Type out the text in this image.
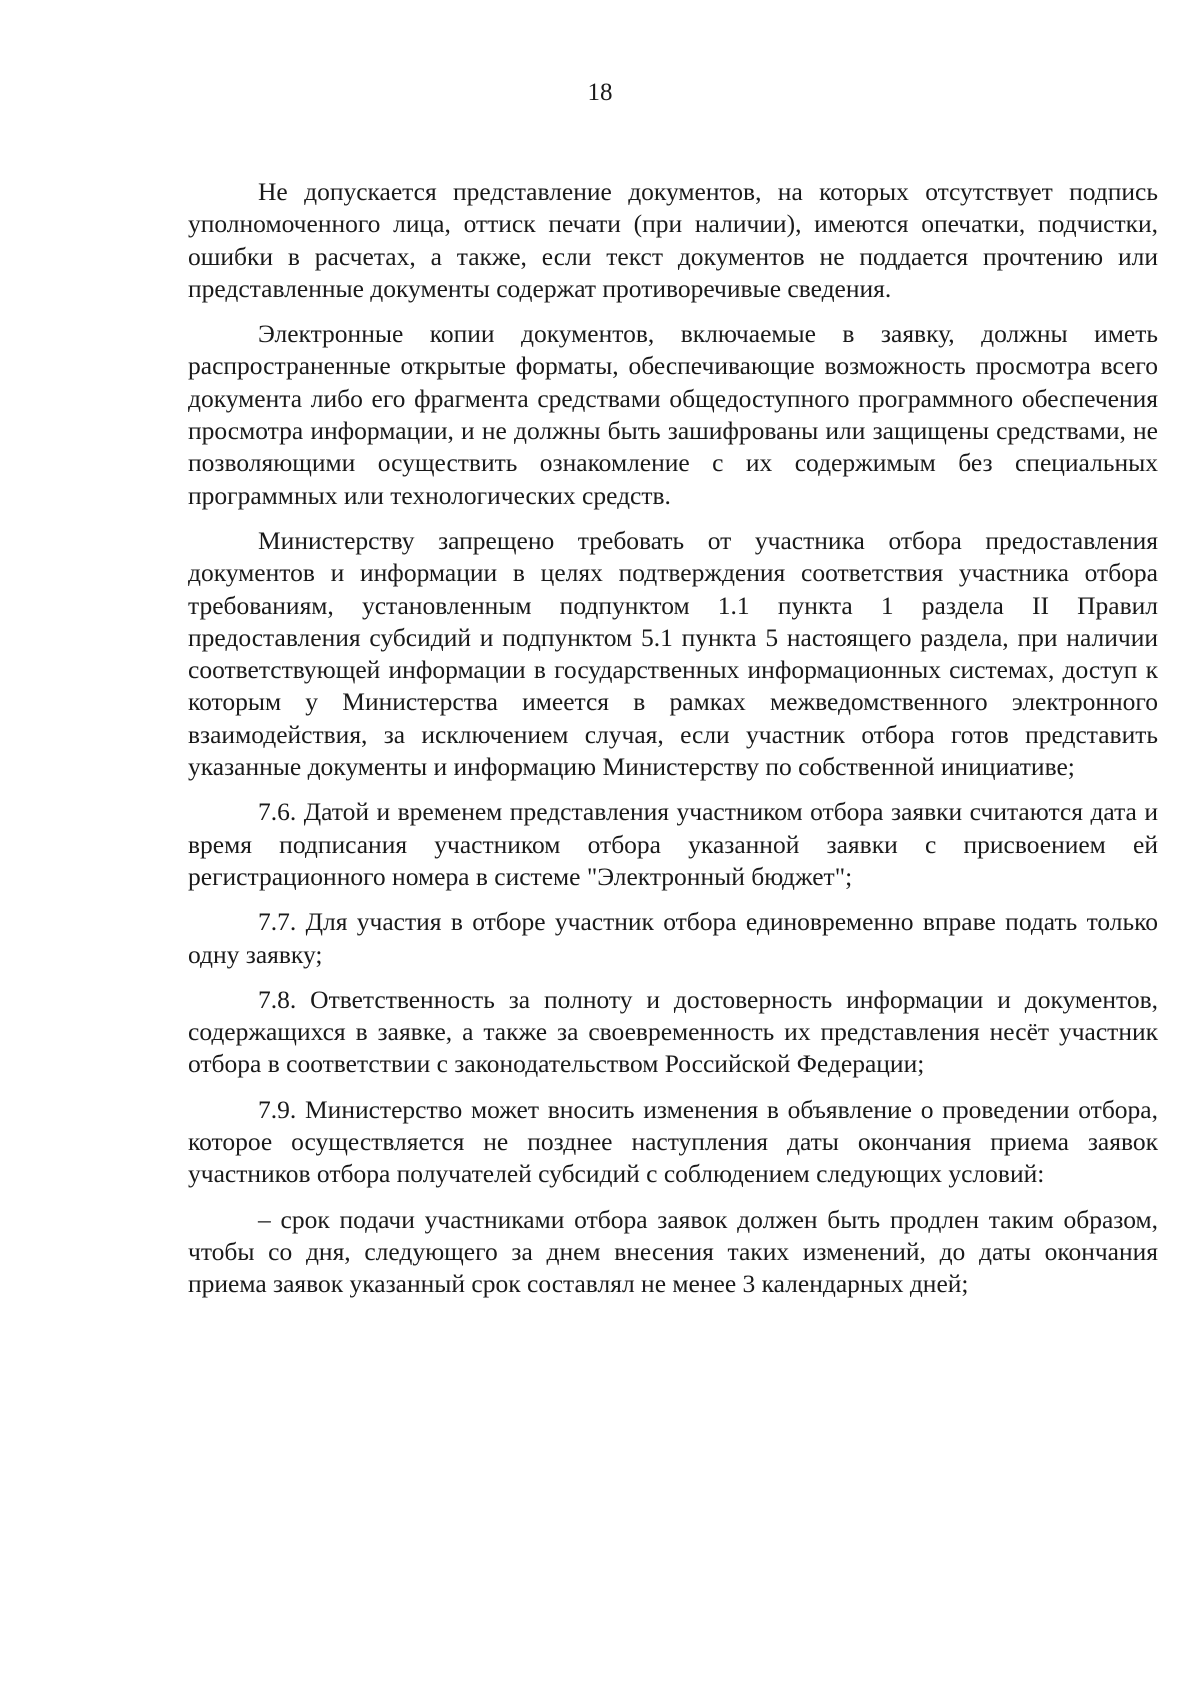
18

Не допускается представление документов, на которых отсутствует подпись уполномоченного лица, оттиск печати (при наличии), имеются опечатки, подчистки, ошибки в расчетах, а также, если текст документов не поддается прочтению или представленные документы содержат противоречивые сведения.

Электронные копии документов, включаемые в заявку, должны иметь распространенные открытые форматы, обеспечивающие возможность просмотра всего документа либо его фрагмента средствами общедоступного программного обеспечения просмотра информации, и не должны быть зашифрованы или защищены средствами, не позволяющими осуществить ознакомление с их содержимым без специальных программных или технологических средств.

Министерству запрещено требовать от участника отбора предоставления документов и информации в целях подтверждения соответствия участника отбора требованиям, установленным подпунктом 1.1 пункта 1 раздела II Правил предоставления субсидий и подпунктом 5.1 пункта 5 настоящего раздела, при наличии соответствующей информации в государственных информационных системах, доступ к которым у Министерства имеется в рамках межведомственного электронного взаимодействия, за исключением случая, если участник отбора готов представить указанные документы и информацию Министерству по собственной инициативе;

7.6. Датой и временем представления участником отбора заявки считаются дата и время подписания участником отбора указанной заявки с присвоением ей регистрационного номера в системе "Электронный бюджет";

7.7. Для участия в отборе участник отбора единовременно вправе подать только одну заявку;

7.8. Ответственность за полноту и достоверность информации и документов, содержащихся в заявке, а также за своевременность их представления несёт участник отбора в соответствии с законодательством Российской Федерации;

7.9. Министерство может вносить изменения в объявление о проведении отбора, которое осуществляется не позднее наступления даты окончания приема заявок участников отбора получателей субсидий с соблюдением следующих условий:

– срок подачи участниками отбора заявок должен быть продлен таким образом, чтобы со дня, следующего за днем внесения таких изменений, до даты окончания приема заявок указанный срок составлял не менее 3 календарных дней;
